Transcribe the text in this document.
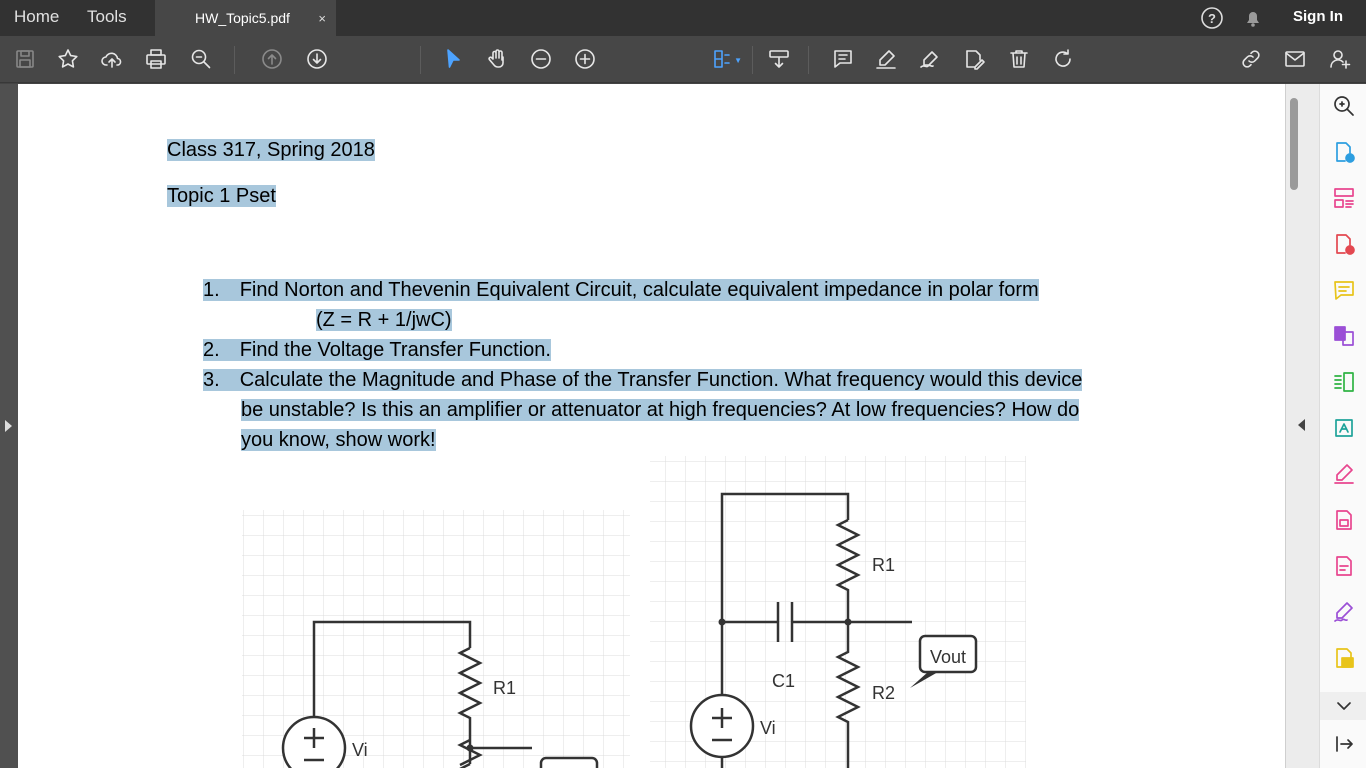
Home Tools	HW_Topic5.pdf ×	?	Sign In
▼
Class 317, Spring 2018
Topic 1 Pset
1. Find Norton and Thevenin Equivalent Circuit, calculate equivalent impedance in polar form
(Z = R + 1/jwC)
2. Find the Voltage Transfer Function.
3. Calculate the Magnitude and Phase of the Transfer Function. What frequency would this device
be unstable? Is this an amplifier or attenuator at high frequencies? At low frequencies? How do
you know, show work!
R1
Vi
R1
R2
C1
Vi
Vout
